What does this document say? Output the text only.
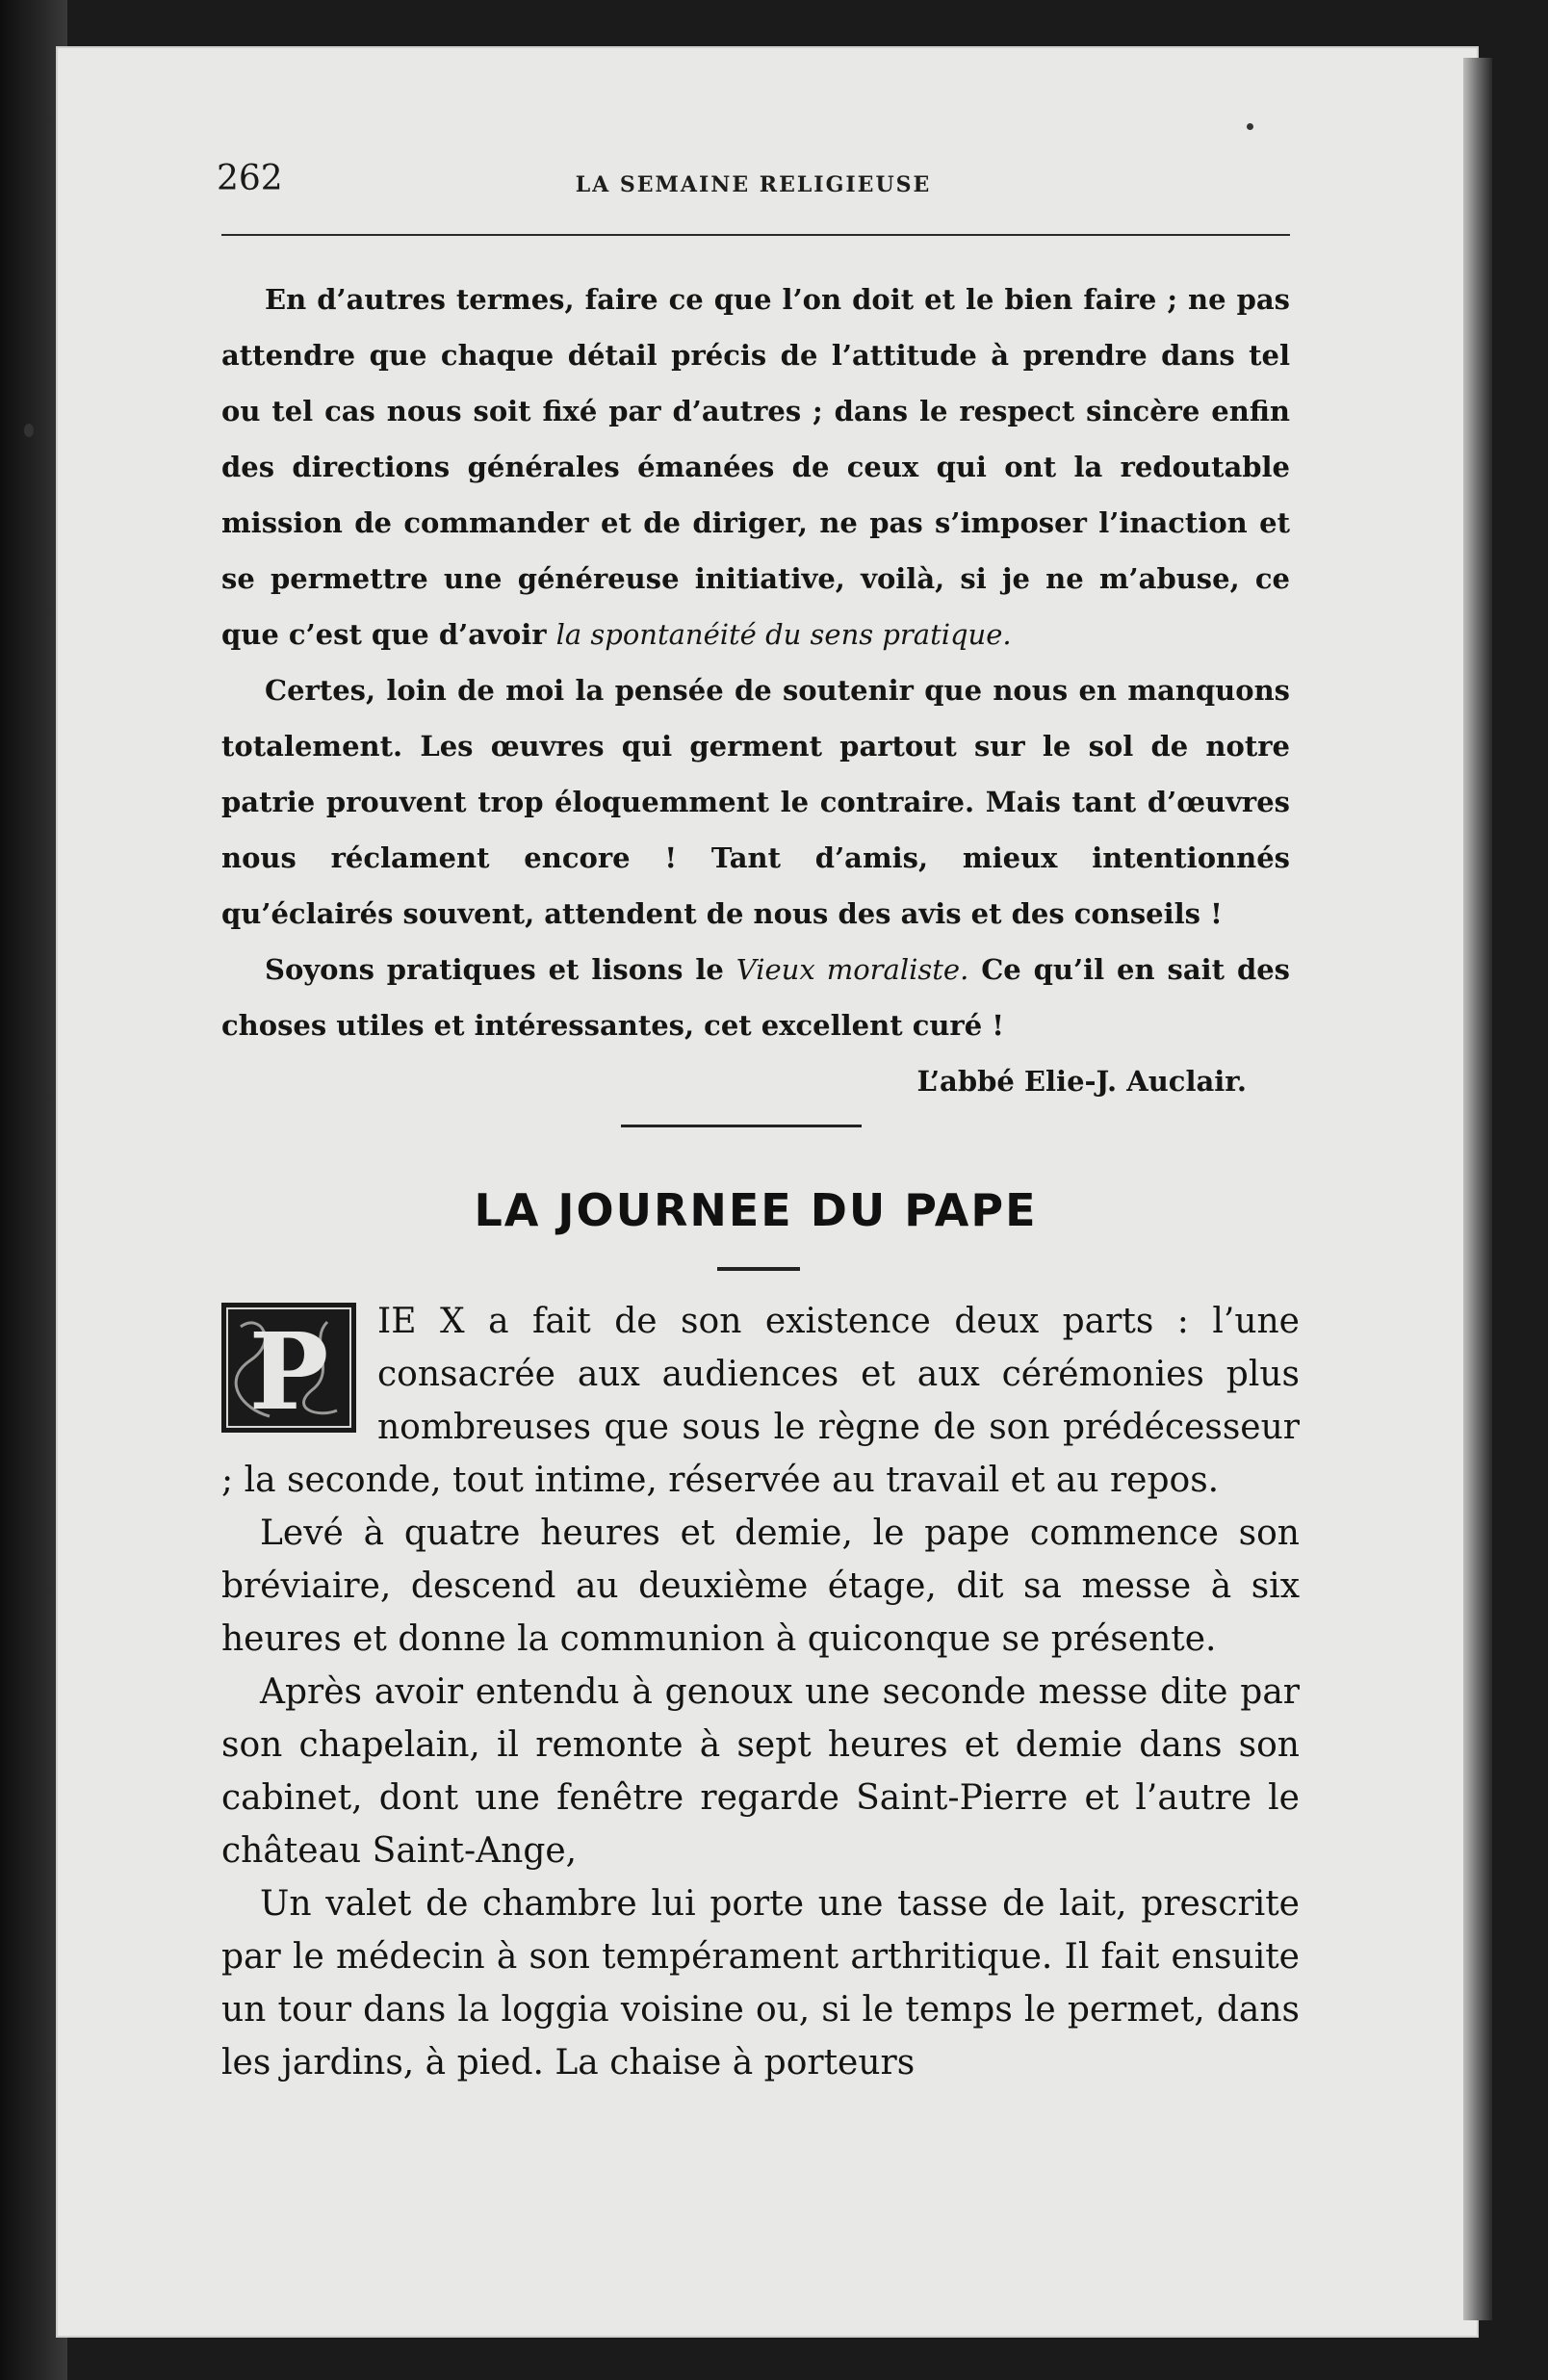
262	LA SEMAINE RELIGIEUSE

En d’autres termes, faire ce que l’on doit et le bien faire ; ne pas attendre que chaque détail précis de l’attitude à prendre dans tel ou tel cas nous soit fixé par d’autres ; dans le respect sincère enfin des directions générales émanées de ceux qui ont la redoutable mission de commander et de diriger, ne pas s’imposer l’inaction et se permettre une généreuse initiative, voilà, si je ne m’abuse, ce que c’est que d’avoir la spontanéité du sens pratique.

Certes, loin de moi la pensée de soutenir que nous en manquons totalement. Les œuvres qui germent partout sur le sol de notre patrie prouvent trop éloquemment le contraire. Mais tant d’œuvres nous réclament encore ! Tant d’amis, mieux intentionnés qu’éclairés souvent, attendent de nous des avis et des conseils !

Soyons pratiques et lisons le Vieux moraliste. Ce qu’il en sait des choses utiles et intéressantes, cet excellent curé !

L’abbé Elie-J. Auclair.

LA JOURNEE DU PAPE
P	IE X a fait de son existence deux parts : l’une consacrée aux audiences et aux cérémonies plus nombreuses que sous le règne de son prédécesseur ; la seconde, tout intime, réservée au travail et au repos.

Levé à quatre heures et demie, le pape commence son bréviaire, descend au deuxième étage, dit sa messe à six heures et donne la communion à quiconque se présente.

Après avoir entendu à genoux une seconde messe dite par son chapelain, il remonte à sept heures et demie dans son cabinet, dont une fenêtre regarde Saint-Pierre et l’autre le château Saint-Ange,

Un valet de chambre lui porte une tasse de lait, prescrite par le médecin à son tempérament arthritique. Il fait ensuite un tour dans la loggia voisine ou, si le temps le permet, dans les jardins, à pied. La chaise à porteurs
